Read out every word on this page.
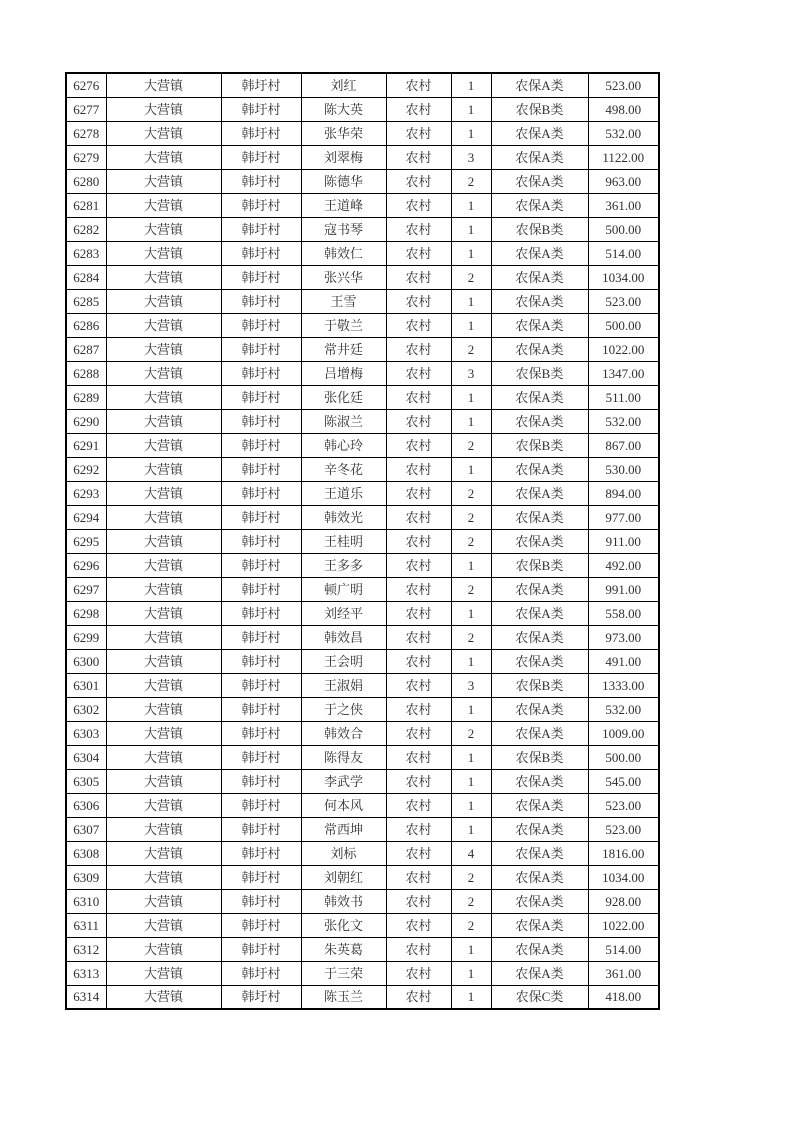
6276	大营镇	韩圩村	刘红	农村	1	农保A类	523.00
6277	大营镇	韩圩村	陈大英	农村	1	农保B类	498.00
6278	大营镇	韩圩村	张华荣	农村	1	农保A类	532.00
6279	大营镇	韩圩村	刘翠梅	农村	3	农保A类	1122.00
6280	大营镇	韩圩村	陈德华	农村	2	农保A类	963.00
6281	大营镇	韩圩村	王道峰	农村	1	农保A类	361.00
6282	大营镇	韩圩村	寇书琴	农村	1	农保B类	500.00
6283	大营镇	韩圩村	韩效仁	农村	1	农保A类	514.00
6284	大营镇	韩圩村	张兴华	农村	2	农保A类	1034.00
6285	大营镇	韩圩村	王雪	农村	1	农保A类	523.00
6286	大营镇	韩圩村	于敬兰	农村	1	农保A类	500.00
6287	大营镇	韩圩村	常井廷	农村	2	农保A类	1022.00
6288	大营镇	韩圩村	吕增梅	农村	3	农保B类	1347.00
6289	大营镇	韩圩村	张化廷	农村	1	农保A类	511.00
6290	大营镇	韩圩村	陈淑兰	农村	1	农保A类	532.00
6291	大营镇	韩圩村	韩心玲	农村	2	农保B类	867.00
6292	大营镇	韩圩村	辛冬花	农村	1	农保A类	530.00
6293	大营镇	韩圩村	王道乐	农村	2	农保A类	894.00
6294	大营镇	韩圩村	韩效光	农村	2	农保A类	977.00
6295	大营镇	韩圩村	王桂明	农村	2	农保A类	911.00
6296	大营镇	韩圩村	王多多	农村	1	农保B类	492.00
6297	大营镇	韩圩村	顿广明	农村	2	农保A类	991.00
6298	大营镇	韩圩村	刘经平	农村	1	农保A类	558.00
6299	大营镇	韩圩村	韩效昌	农村	2	农保A类	973.00
6300	大营镇	韩圩村	王会明	农村	1	农保A类	491.00
6301	大营镇	韩圩村	王淑娟	农村	3	农保B类	1333.00
6302	大营镇	韩圩村	于之侠	农村	1	农保A类	532.00
6303	大营镇	韩圩村	韩效合	农村	2	农保A类	1009.00
6304	大营镇	韩圩村	陈得友	农村	1	农保B类	500.00
6305	大营镇	韩圩村	李武学	农村	1	农保A类	545.00
6306	大营镇	韩圩村	何本风	农村	1	农保A类	523.00
6307	大营镇	韩圩村	常西坤	农村	1	农保A类	523.00
6308	大营镇	韩圩村	刘标	农村	4	农保A类	1816.00
6309	大营镇	韩圩村	刘朝红	农村	2	农保A类	1034.00
6310	大营镇	韩圩村	韩效书	农村	2	农保A类	928.00
6311	大营镇	韩圩村	张化文	农村	2	农保A类	1022.00
6312	大营镇	韩圩村	朱英葛	农村	1	农保A类	514.00
6313	大营镇	韩圩村	于三荣	农村	1	农保A类	361.00
6314	大营镇	韩圩村	陈玉兰	农村	1	农保C类	418.00
